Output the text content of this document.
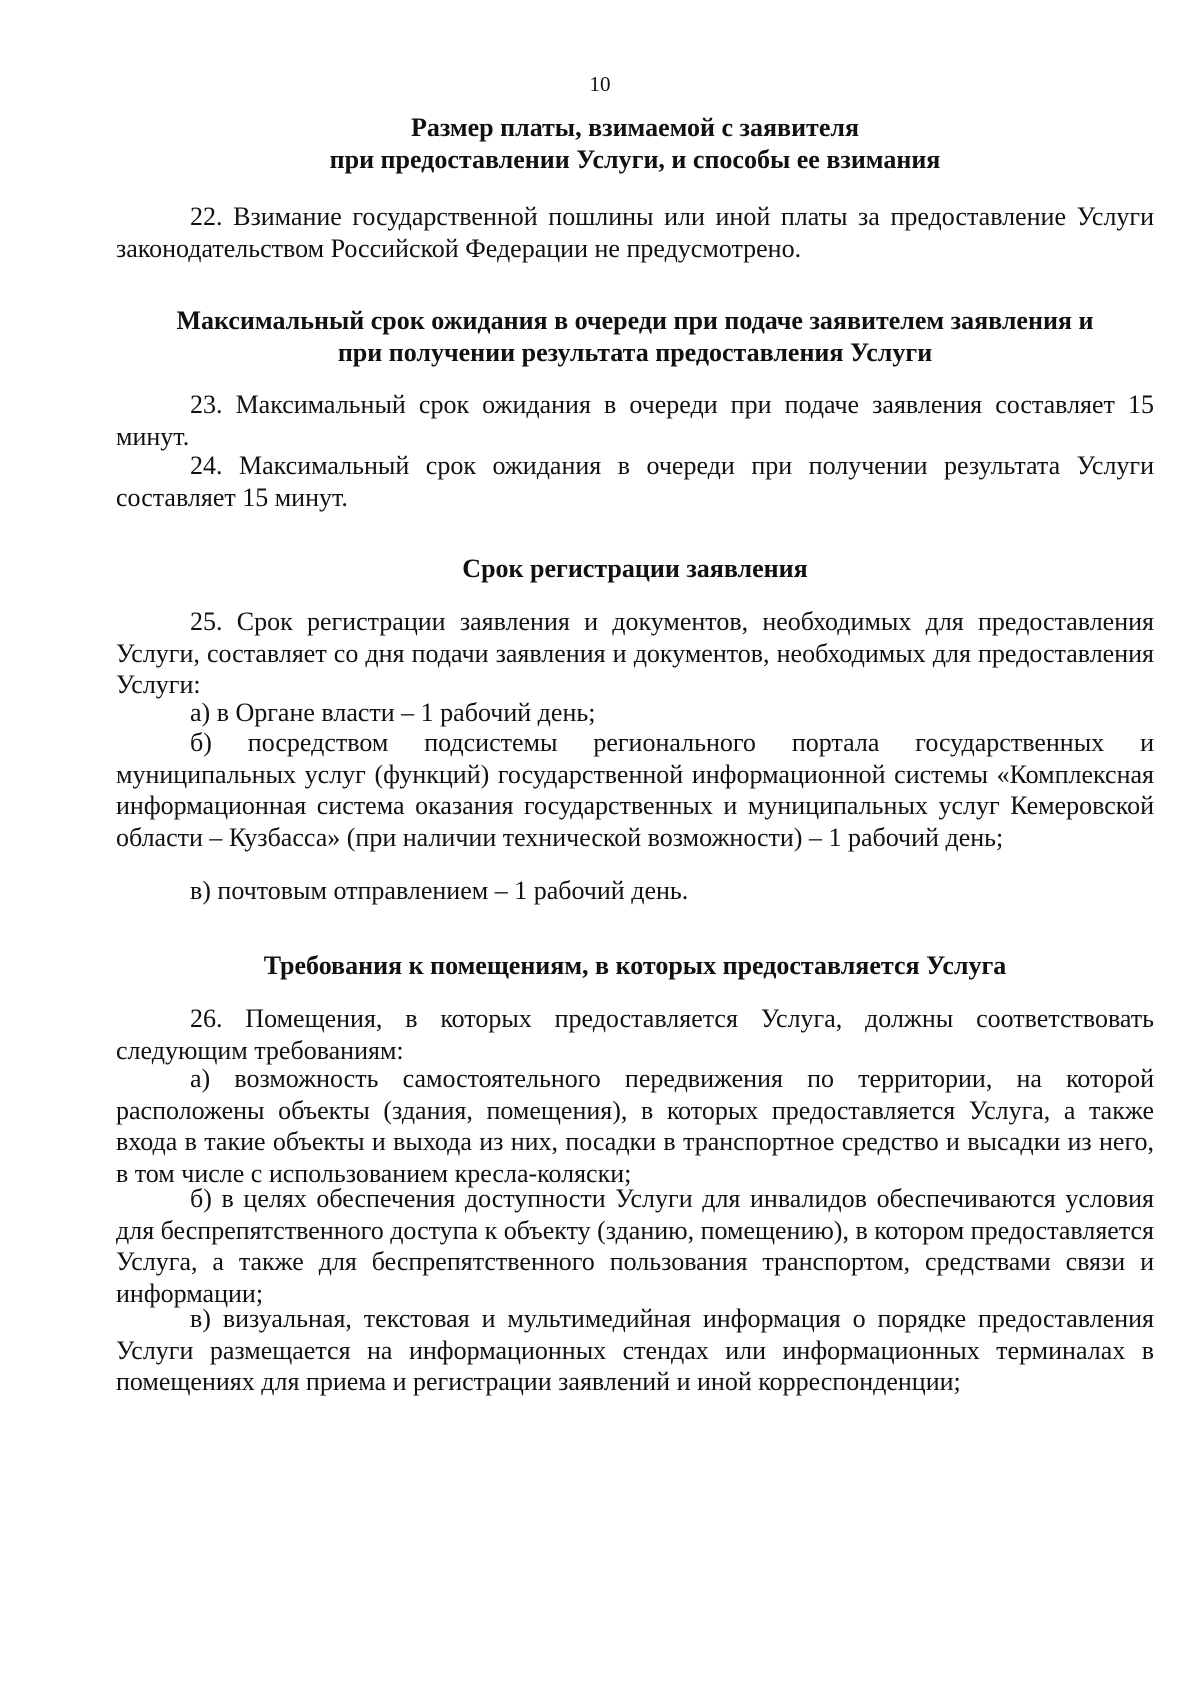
10
Размер платы, взимаемой с заявителя
при предоставлении Услуги, и способы ее взимания
22. Взимание государственной пошлины или иной платы за предоставление Услуги законодательством Российской Федерации не предусмотрено.
Максимальный срок ожидания в очереди при подаче заявителем заявления и
при получении результата предоставления Услуги
23. Максимальный срок ожидания в очереди при подаче заявления составляет 15 минут.
24. Максимальный срок ожидания в очереди при получении результата Услуги составляет 15 минут.
Срок регистрации заявления
25. Срок регистрации заявления и документов, необходимых для предоставления Услуги, составляет со дня подачи заявления и документов, необходимых для предоставления Услуги:
а) в Органе власти – 1 рабочий день;
б) посредством подсистемы регионального портала государственных и муниципальных услуг (функций) государственной информационной системы «Комплексная информационная система оказания государственных и муниципальных услуг Кемеровской области – Кузбасса» (при наличии технической возможности) – 1 рабочий день;
в) почтовым отправлением – 1 рабочий день.
Требования к помещениям, в которых предоставляется Услуга
26. Помещения, в которых предоставляется Услуга, должны соответствовать следующим требованиям:
а) возможность самостоятельного передвижения по территории, на которой расположены объекты (здания, помещения), в которых предоставляется Услуга, а также входа в такие объекты и выхода из них, посадки в транспортное средство и высадки из него, в том числе с использованием кресла-коляски;
б) в целях обеспечения доступности Услуги для инвалидов обеспечиваются условия для беспрепятственного доступа к объекту (зданию, помещению), в котором предоставляется Услуга, а также для беспрепятственного пользования транспортом, средствами связи и информации;
в) визуальная, текстовая и мультимедийная информация о порядке предоставления Услуги размещается на информационных стендах или информационных терминалах в помещениях для приема и регистрации заявлений и иной корреспонденции;
